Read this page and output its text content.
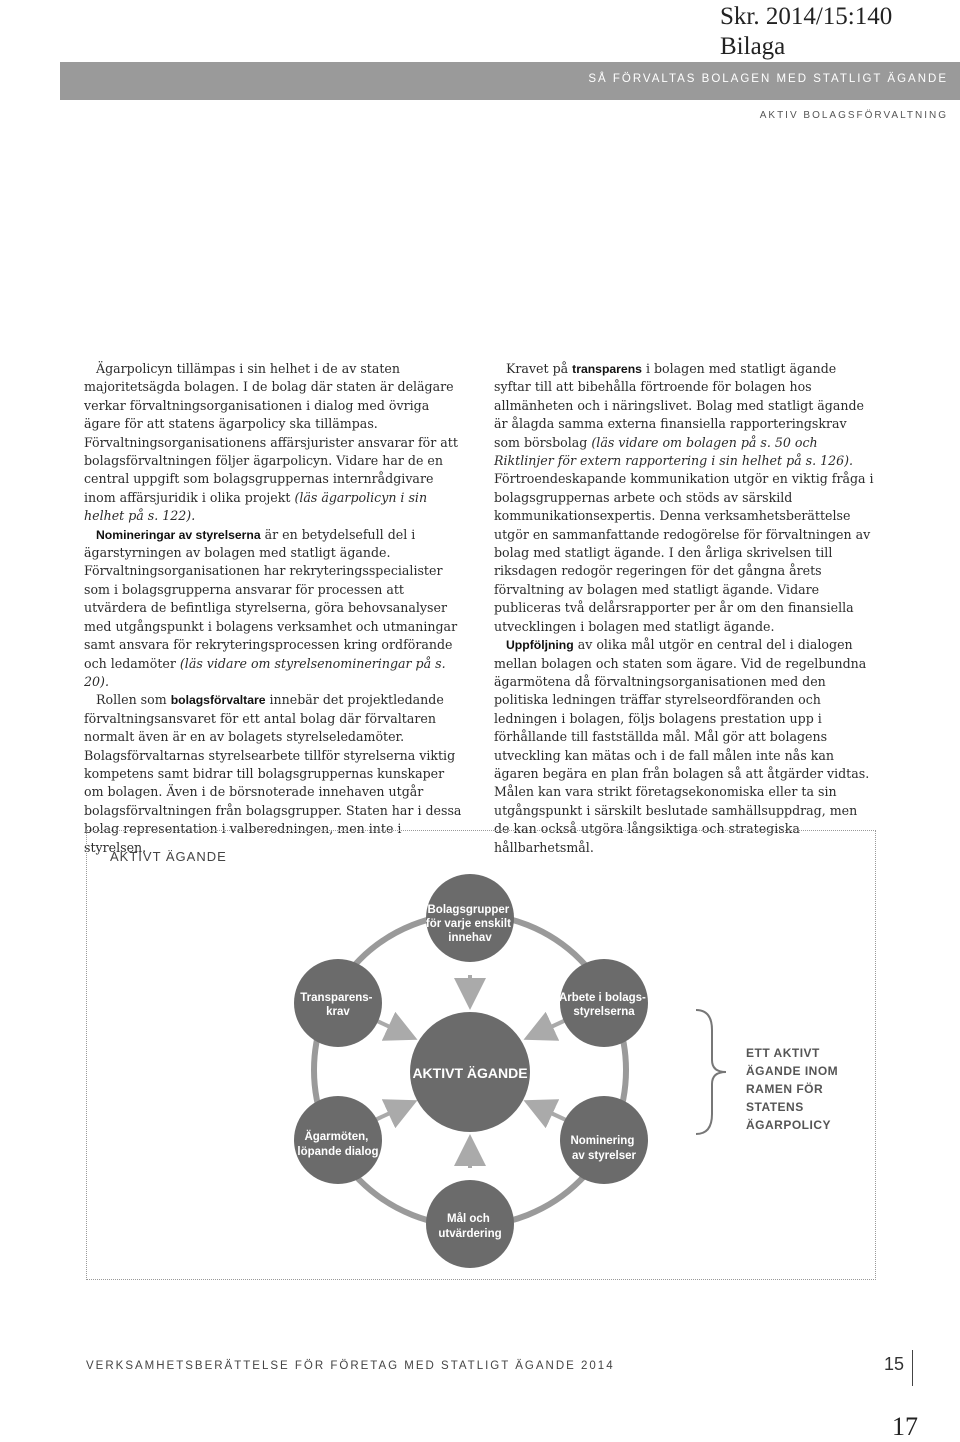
Skr. 2014/15:140
Bilaga
SÅ FÖRVALTAS BOLAGEN MED STATLIGT ÄGANDE
AKTIV BOLAGSFÖRVALTNING

Ägarpolicyn tillämpas i sin helhet i de av staten majoritetsägda bolagen. I de bolag där staten är delägare verkar förvaltningsorganisationen i dialog med övriga ägare för att statens ägarpolicy ska tillämpas. Förvaltningsorganisationens affärsjurister ansvarar för att bolagsförvaltningen följer ägarpolicyn. Vidare har de en central uppgift som bolagsgruppernas internrådgivare inom affärsjuridik i olika projekt (läs ägarpolicyn i sin helhet på s. 122).

Nomineringar av styrelserna är en betydelsefull del i ägarstyrningen av bolagen med statligt ägande. Förvaltningsorganisationen har rekryteringsspecialister som i bolagsgrupperna ansvarar för processen att utvärdera de befintliga styrelserna, göra behovsanalyser med utgångspunkt i bolagens verksamhet och utmaningar samt ansvara för rekryteringsprocessen kring ordförande och ledamöter (läs vidare om styrelsenomineringar på s. 20).

Rollen som bolagsförvaltare innebär det projektledande förvaltningsansvaret för ett antal bolag där förvaltaren normalt även är en av bolagets styrelseledamöter. Bolagsförvaltarnas styrelsearbete tillför styrelserna viktig kompetens samt bidrar till bolagsgruppernas kunskaper om bolagen. Även i de börsnoterade innehaven utgår bolagsförvaltningen från bolagsgrupper. Staten har i dessa bolag representation i valberedningen, men inte i styrelsen.

Kravet på transparens i bolagen med statligt ägande syftar till att bibehålla förtroende för bolagen hos allmänheten och i näringslivet. Bolag med statligt ägande är ålagda samma externa finansiella rapporteringskrav som börsbolag (läs vidare om bolagen på s. 50 och Riktlinjer för extern rapportering i sin helhet på s. 126). Förtroendeskapande kommunikation utgör en viktig fråga i bolagsgruppernas arbete och stöds av särskild kommunikationsexpertis. Denna verksamhetsberättelse utgör en sammanfattande redogörelse för förvaltningen av bolag med statligt ägande. I den årliga skrivelsen till riksdagen redogör regeringen för det gångna årets förvaltning av bolagen med statligt ägande. Vidare publiceras två delårsrapporter per år om den finansiella utvecklingen i bolagen med statligt ägande.

Uppföljning av olika mål utgör en central del i dialogen mellan bolagen och staten som ägare. Vid de regelbundna ägarmötena då förvaltningsorganisationen med den politiska ledningen träffar styrelseordföranden och ledningen i bolagen, följs bolagens prestation upp i förhållande till fastställda mål. Mål gör att bolagens utveckling kan mätas och i de fall målen inte nås kan ägaren begära en plan från bolagen så att åtgärder vidtas. Målen kan vara strikt företagsekonomiska eller ta sin utgångspunkt i särskilt beslutade samhällsuppdrag, men de kan också utgöra långsiktiga och strategiska hållbarhetsmål.

AKTIVT ÄGANDE
AKTIVT ÄGANDE
Bolagsgrupper för varje enskilt innehav
Transparens- krav
Arbete i bolags- styrelserna
Ägarmöten, löpande dialog
Nominering av styrelser
Mål och utvärdering
ETT AKTIVT
ÄGANDE INOM
RAMEN FÖR
STATENS
ÄGARPOLICY
VERKSAMHETSBERÄTTELSE FÖR FÖRETAG MED STATLIGT ÄGANDE 2014	15
17
